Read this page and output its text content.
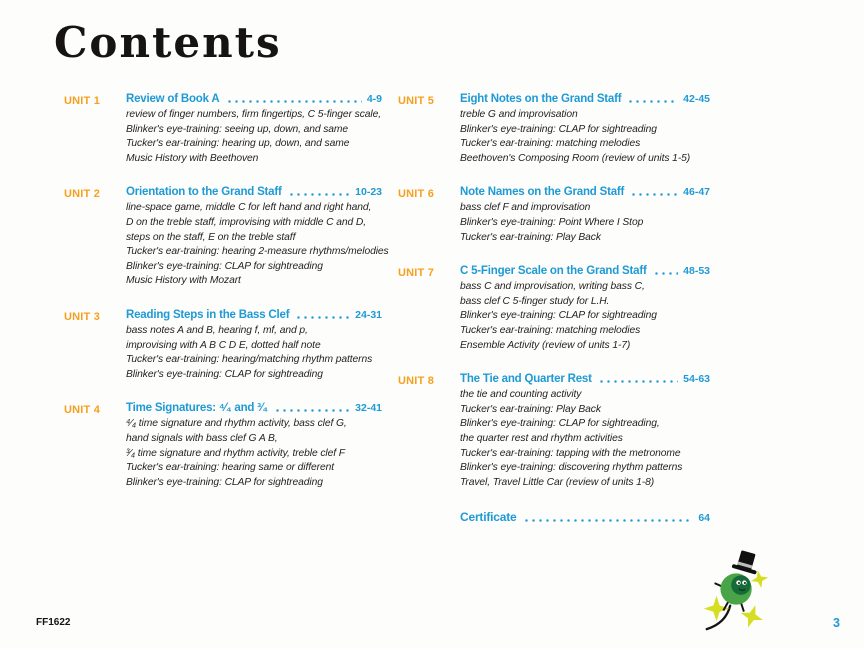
Contents
UNIT 1	Review of Book A	4-9
review of finger numbers, firm fingertips, C 5-finger scale,
Blinker's eye-training: seeing up, down, and same
Tucker's ear-training: hearing up, down, and same
Music History with Beethoven
UNIT 2	Orientation to the Grand Staff	10-23
line-space game, middle C for left hand and right hand,
D on the treble staff, improvising with middle C and D,
steps on the staff, E on the treble staff
Tucker's ear-training: hearing 2-measure rhythms/melodies
Blinker's eye-training: CLAP for sightreading
Music History with Mozart
UNIT 3	Reading Steps in the Bass Clef	24-31
bass notes A and B, hearing f, mf, and p,
improvising with A B C D E, dotted half note
Tucker's ear-training: hearing/matching rhythm patterns
Blinker's eye-training: CLAP for sightreading
UNIT 4	Time Signatures: ⁴⁄₄ and ³⁄₄	32-41
⁴⁄₄ time signature and rhythm activity, bass clef G,
hand signals with bass clef G A B,
³⁄₄ time signature and rhythm activity, treble clef F
Tucker's ear-training: hearing same or different
Blinker's eye-training: CLAP for sightreading
UNIT 5	Eight Notes on the Grand Staff	42-45
treble G and improvisation
Blinker's eye-training: CLAP for sightreading
Tucker's ear-training: matching melodies
Beethoven's Composing Room (review of units 1-5)
UNIT 6	Note Names on the Grand Staff	46-47
bass clef F and improvisation
Blinker's eye-training: Point Where I Stop
Tucker's ear-training: Play Back
UNIT 7	C 5-Finger Scale on the Grand Staff	48-53
bass C and improvisation, writing bass C,
bass clef C 5-finger study for L.H.
Blinker's eye-training: CLAP for sightreading
Tucker's ear-training: matching melodies
Ensemble Activity (review of units 1-7)
UNIT 8	The Tie and Quarter Rest	54-63
the tie and counting activity
Tucker's ear-training: Play Back
Blinker's eye-training: CLAP for sightreading,
the quarter rest and rhythm activities
Tucker's ear-training: tapping with the metronome
Blinker's eye-training: discovering rhythm patterns
Travel, Travel Little Car (review of units 1-8)
Certificate	64
FF1622	3
